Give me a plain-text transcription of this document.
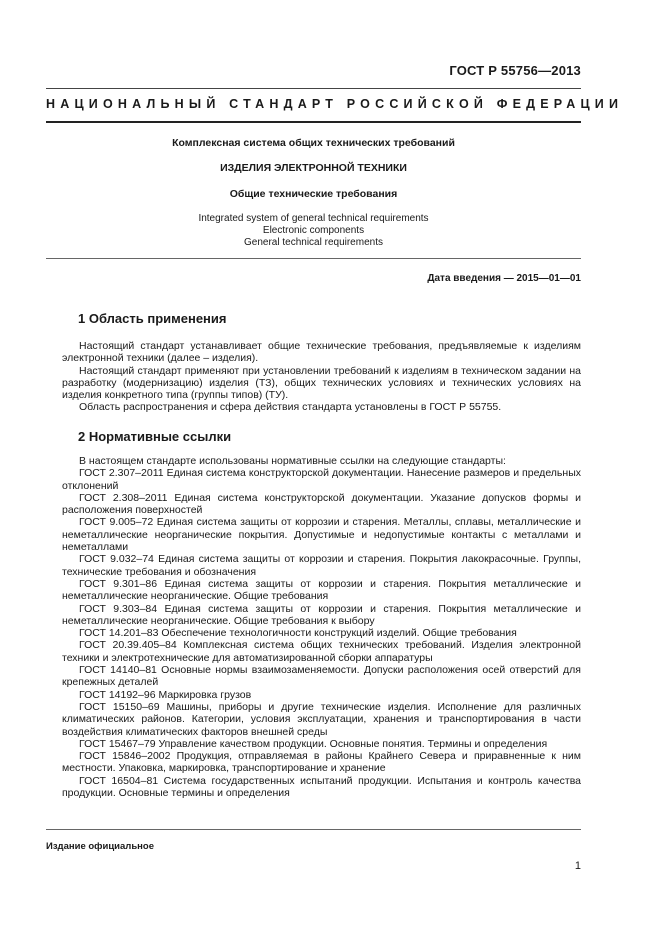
ГОСТ Р 55756—2013
НАЦИОНАЛЬНЫЙ СТАНДАРТ РОССИЙСКОЙ ФЕДЕРАЦИИ
Комплексная система общих технических требований
ИЗДЕЛИЯ ЭЛЕКТРОННОЙ ТЕХНИКИ
Общие технические требования
Integrated system of general technical requirements
Electronic components
General technical requirements
Дата введения — 2015—01—01
1 Область применения

Настоящий стандарт устанавливает общие технические требования, предъявляемые к изделиям электронной техники (далее – изделия).

Настоящий стандарт применяют при установлении требований к изделиям в техническом задании на разработку (модернизацию) изделия (ТЗ), общих технических условиях и технических условиях на изделия конкретного типа (группы типов) (ТУ).

Область распространения и сфера действия стандарта установлены в ГОСТ Р 55755.

2 Нормативные ссылки

В настоящем стандарте использованы нормативные ссылки на следующие стандарты:

ГОСТ 2.307–2011 Единая система конструкторской документации. Нанесение размеров и предельных отклонений

ГОСТ 2.308–2011 Единая система конструкторской документации. Указание допусков формы и расположения поверхностей

ГОСТ 9.005–72 Единая система защиты от коррозии и старения. Металлы, сплавы, металлические и неметаллические неорганические покрытия. Допустимые и недопустимые контакты с металлами и неметаллами

ГОСТ 9.032–74 Единая система защиты от коррозии и старения. Покрытия лакокрасочные. Группы, технические требования и обозначения

ГОСТ 9.301–86 Единая система защиты от коррозии и старения. Покрытия металлические и неметаллические неорганические. Общие требования

ГОСТ 9.303–84 Единая система защиты от коррозии и старения. Покрытия металлические и неметаллические неорганические. Общие требования к выбору

ГОСТ 14.201–83 Обеспечение технологичности конструкций изделий. Общие требования

ГОСТ 20.39.405–84 Комплексная система общих технических требований. Изделия электронной техники и электротехнические для автоматизированной сборки аппаратуры

ГОСТ 14140–81 Основные нормы взаимозаменяемости. Допуски расположения осей отверстий для крепежных деталей

ГОСТ 14192–96 Маркировка грузов

ГОСТ 15150–69 Машины, приборы и другие технические изделия. Исполнение для различных климатических районов. Категории, условия эксплуатации, хранения и транспортирования в части воздействия климатических факторов внешней среды

ГОСТ 15467–79 Управление качеством продукции. Основные понятия. Термины и определения

ГОСТ 15846–2002 Продукция, отправляемая в районы Крайнего Севера и приравненные к ним местности. Упаковка, маркировка, транспортирование и хранение

ГОСТ 16504–81 Система государственных испытаний продукции. Испытания и контроль качества продукции. Основные термины и определения

Издание официальное
1
